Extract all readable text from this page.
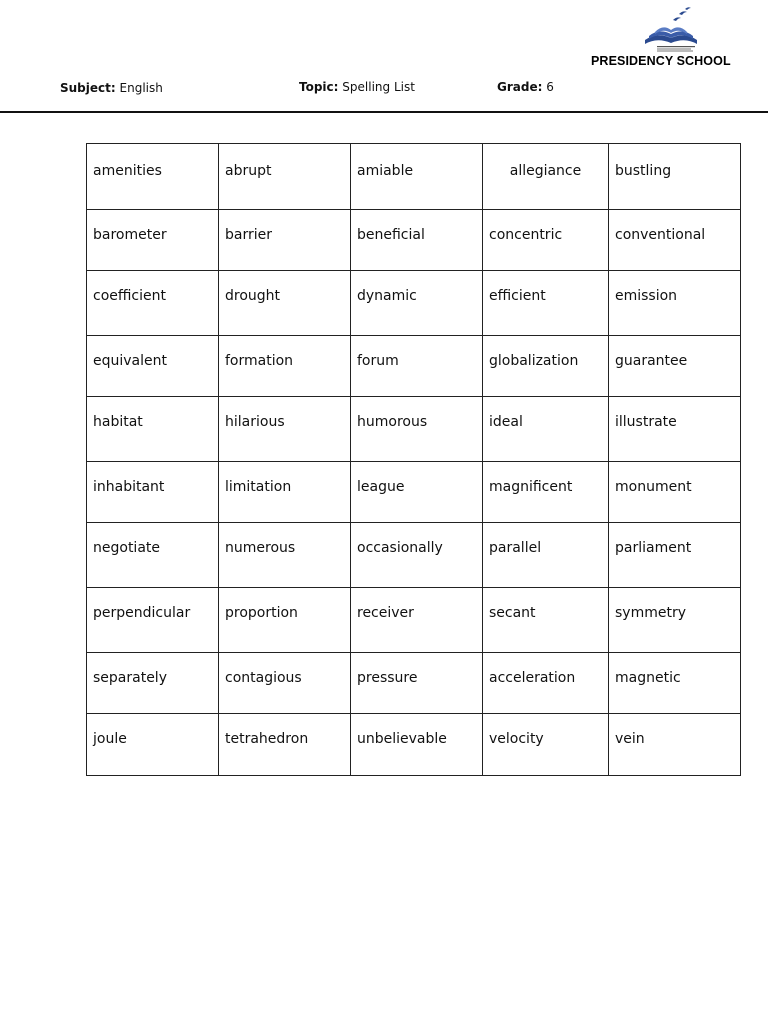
PRESIDENCY SCHOOL
Subject: English	Topic: Spelling List	Grade: 6
amenities	abrupt	amiable	allegiance	bustling
barometer	barrier	beneficial	concentric	conventional
coefficient	drought	dynamic	efficient	emission
equivalent	formation	forum	globalization	guarantee
habitat	hilarious	humorous	ideal	illustrate
inhabitant	limitation	league	magnificent	monument
negotiate	numerous	occasionally	parallel	parliament
perpendicular	proportion	receiver	secant	symmetry
separately	contagious	pressure	acceleration	magnetic
joule	tetrahedron	unbelievable	velocity	vein
